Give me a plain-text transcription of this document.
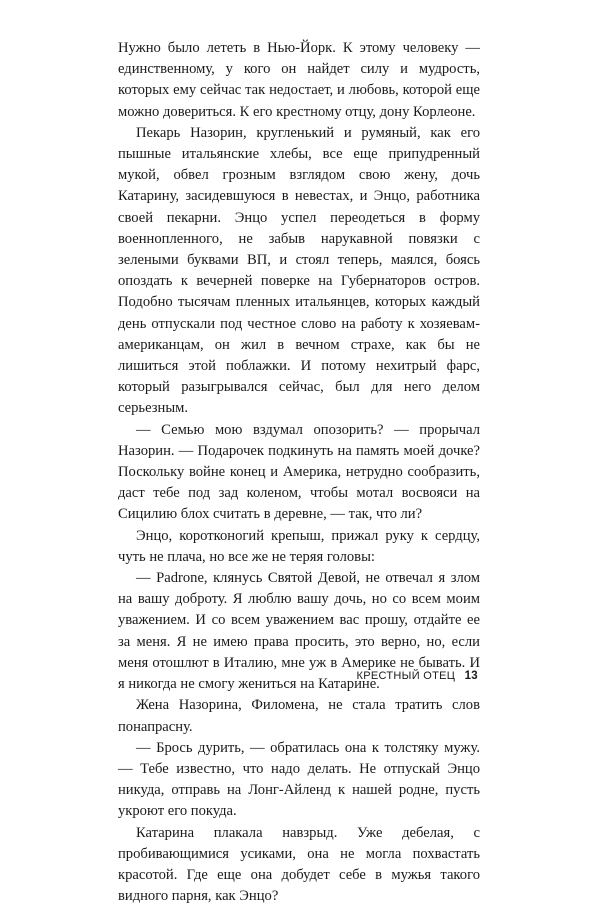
Нужно было лететь в Нью-Йорк. К этому человеку — единственному, у кого он найдет силу и мудрость, которых ему сейчас так недостает, и любовь, которой еще можно довериться. К его крестному отцу, дону Корлеоне.

Пекарь Назорин, кругленький и румяный, как его пышные итальянские хлебы, все еще припудренный мукой, обвел грозным взглядом свою жену, дочь Катарину, засидевшуюся в невестах, и Энцо, работника своей пекарни. Энцо успел переодеться в форму военнопленного, не забыв нарукавной повязки с зелеными буквами ВП, и стоял теперь, маялся, боясь опоздать к вечерней поверке на Губернаторов остров. Подобно тысячам пленных итальянцев, которых каждый день отпускали под честное слово на работу к хозяевам-американцам, он жил в вечном страхе, как бы не лишиться этой поблажки. И потому нехитрый фарс, который разыгрывался сейчас, был для него делом серьезным.

— Семью мою вздумал опозорить? — прорычал Назорин. — Подарочек подкинуть на память моей дочке? Поскольку войне конец и Америка, нетрудно сообразить, даст тебе под зад коленом, чтобы мотал восвояси на Сицилию блох считать в деревне, — так, что ли?

Энцо, коротконогий крепыш, прижал руку к сердцу, чуть не плача, но все же не теряя головы:

— Padrone, клянусь Святой Девой, не отвечал я злом на вашу доброту. Я люблю вашу дочь, но со всем моим уважением. И со всем уважением вас прошу, отдайте ее за меня. Я не имею права просить, это верно, но, если меня отошлют в Италию, мне уж в Америке не бывать. И я никогда не смогу жениться на Катарине.

Жена Назорина, Филомена, не стала тратить слов понапрасну.

— Брось дурить, — обратилась она к толстяку мужу. — Тебе известно, что надо делать. Не отпускай Энцо никуда, отправь на Лонг-Айленд к нашей родне, пусть укроют его покуда.

Катарина плакала навзрыд. Уже дебелая, с пробивающимися усиками, она не могла похвастать красотой. Где еще она добудет себе в мужья такого видного парня, как Энцо?

КРЕСТНЫЙ ОТЕЦ 13
